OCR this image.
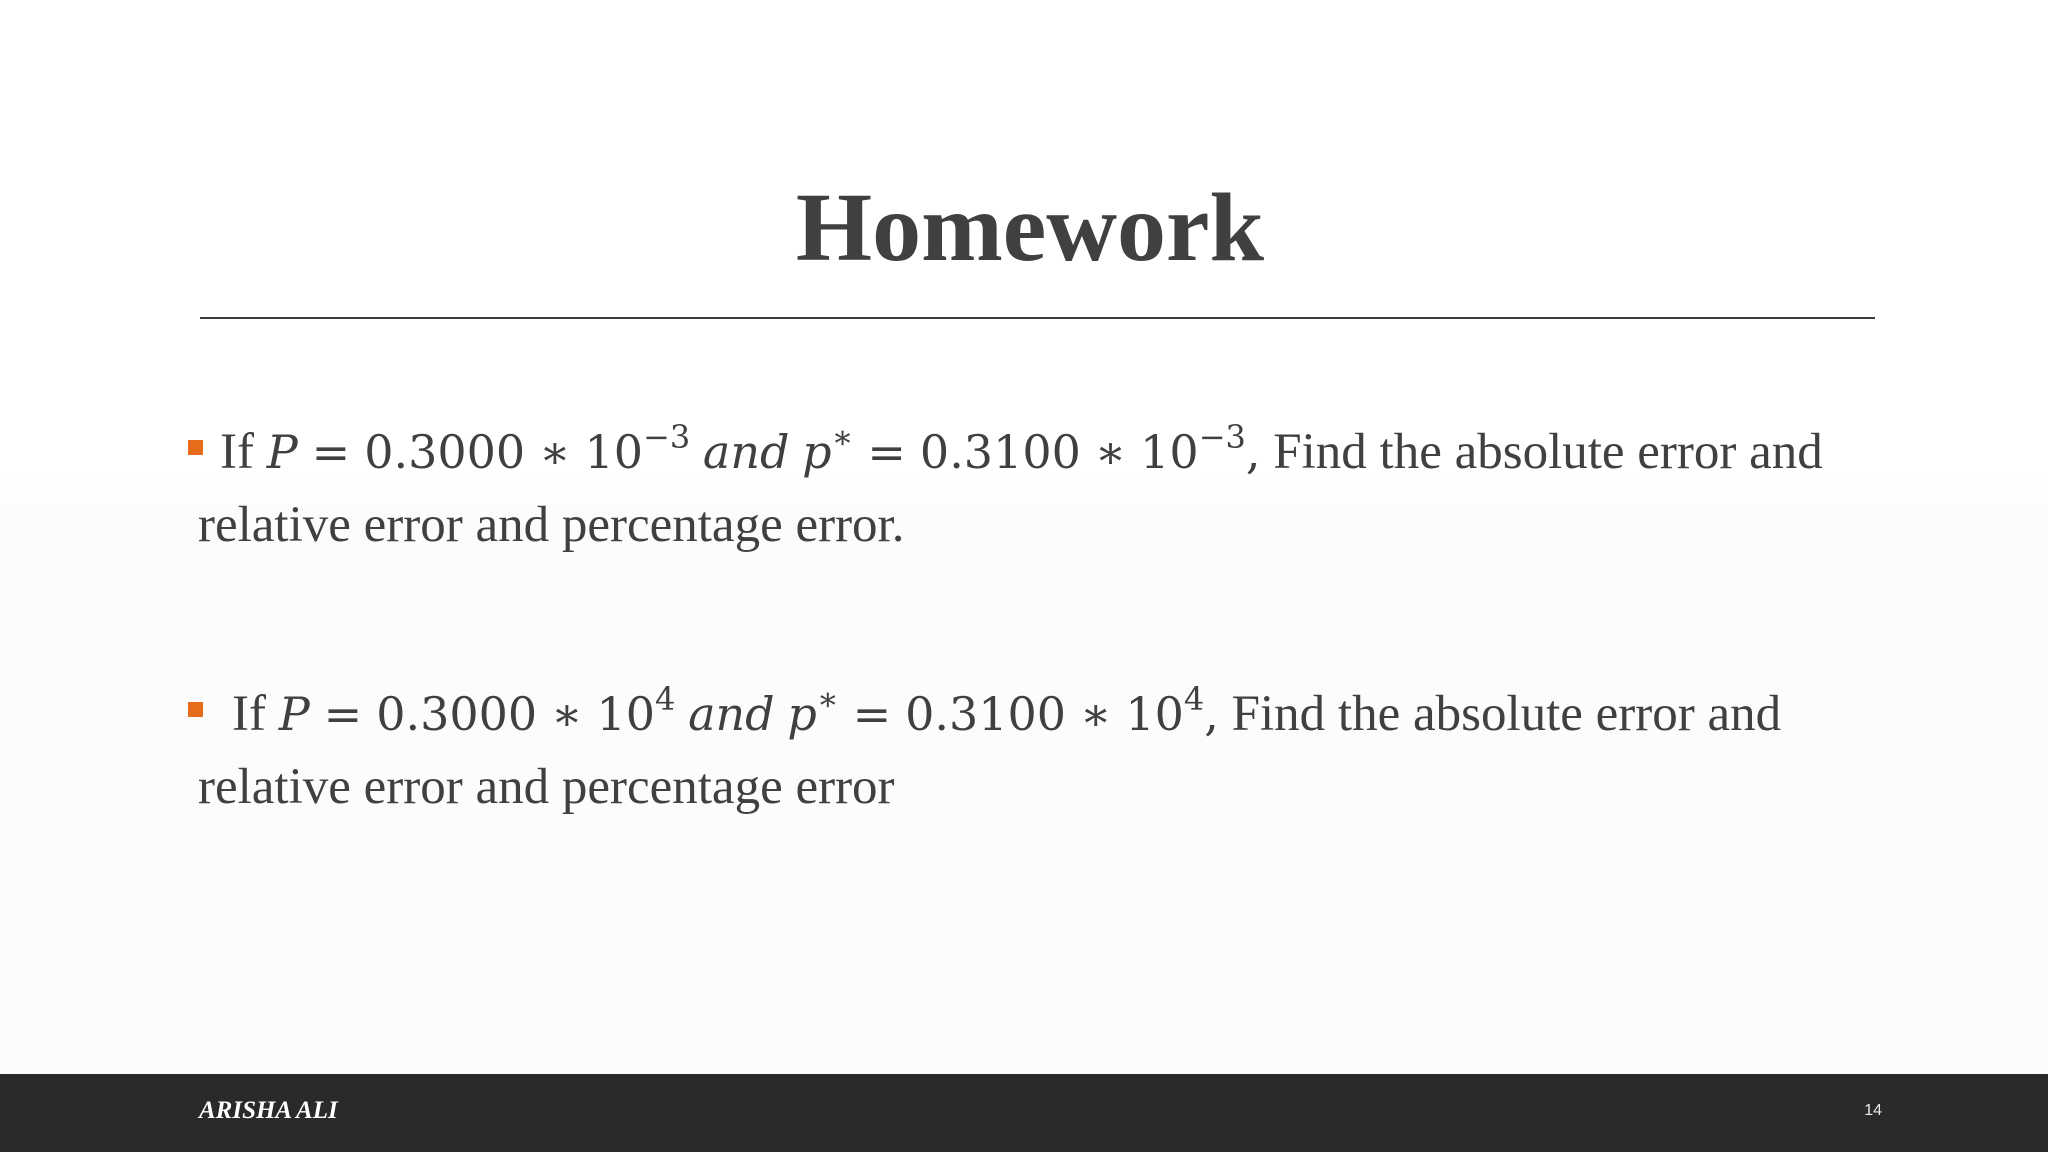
Homework
If P = 0.3000 ∗ $10^{-3}$ and p∗ = 0.3100 ∗ $10^{-3}$, Find the absolute error and
relative error and percentage error.
If P = 0.3000 ∗ $10^4$ and p∗ = 0.3100 ∗ $10^4$, Find the absolute error and
relative error and percentage error
ARISHA ALI	14
